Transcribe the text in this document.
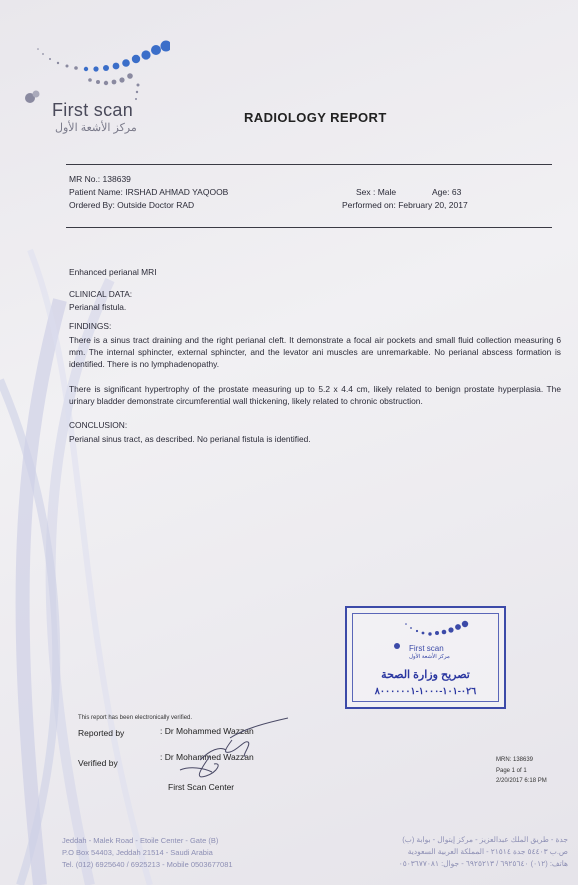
First scan
مركز الأشعة الأول
RADIOLOGY REPORT
MR No.: 138639
Patient Name: IRSHAD AHMAD YAQOOB	Sex : Male	Age: 63
Ordered By: Outside Doctor RAD	Performed on: February 20, 2017
Enhanced perianal MRI
CLINICAL DATA:
Perianal fistula.
FINDINGS:
There is a sinus tract draining and the right perianal cleft. It demonstrate a focal air pockets and small fluid collection measuring 6 mm. The internal sphincter, external sphincter, and the levator ani muscles are unremarkable. No perianal abscess formation is identified. There is no lymphadenopathy.
There is significant hypertrophy of the prostate measuring up to 5.2 x 4.4 cm, likely related to benign prostate hyperplasia. The urinary bladder demonstrate circumferential wall thickening, likely related to chronic obstruction.
CONCLUSION:
Perianal sinus tract, as described. No perianal fistula is identified.
First scan
مركز الأشعة الأول
تصريح وزارة الصحة
٠٢٦-١٠١-١٠٠٠-٨٠٠٠٠٠٠١
This report has been electronically verified.
Reported by	: Dr Mohammed Wazzan
Verified by
: Dr Mohammed Wazzan
First Scan Center
MRN: 138639
Page 1 of 1
2/20/2017 6:18 PM
Jeddah - Malek Road - Etoile Center - Gate (B)
P.O Box 54403, Jeddah 21514 - Saudi Arabia
Tel. (012) 6925640 / 6925213 - Mobile 0503677081
جدة - طريق الملك عبدالعزيز - مركز إيتوال - بوابة (ب)
ص.ب ٥٤٤٠٣ جدة ٢١٥١٤ - المملكة العربية السعودية
هاتف: (٠١٢) ٦٩٢٥٦٤٠ / ٦٩٢٥٢١٣ - جوال: ٠٥٠٣٦٧٧٠٨١
